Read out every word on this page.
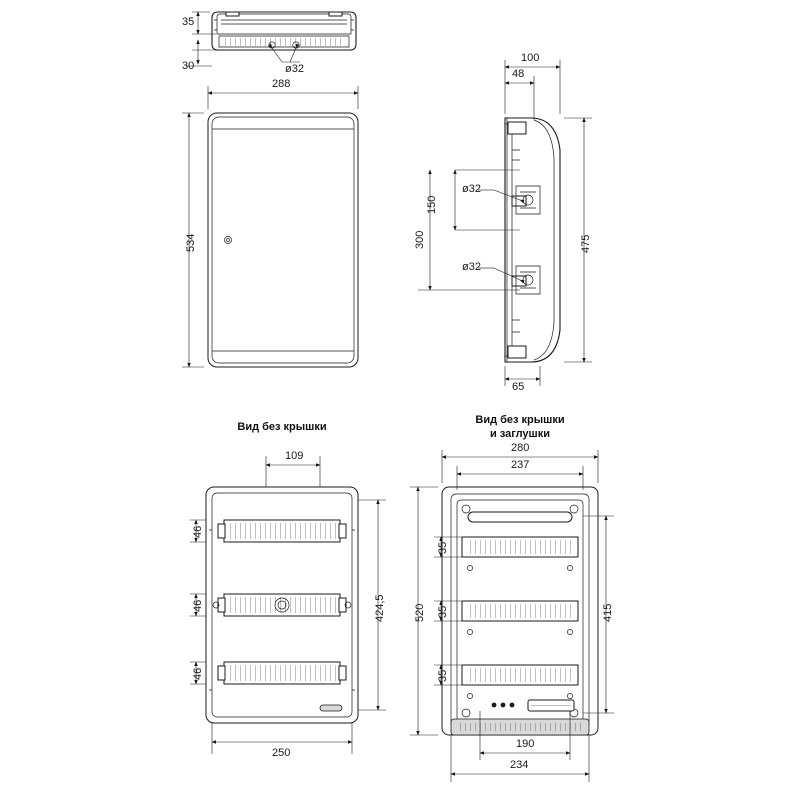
35
30	ø32
288
534
100
48
150
300	475
65
ø32
ø32
Вид без крышки
Вид без крышки
и заглушки
109
250
424,5
46
46
46
280
237
520	415
35
35
35
190
234
